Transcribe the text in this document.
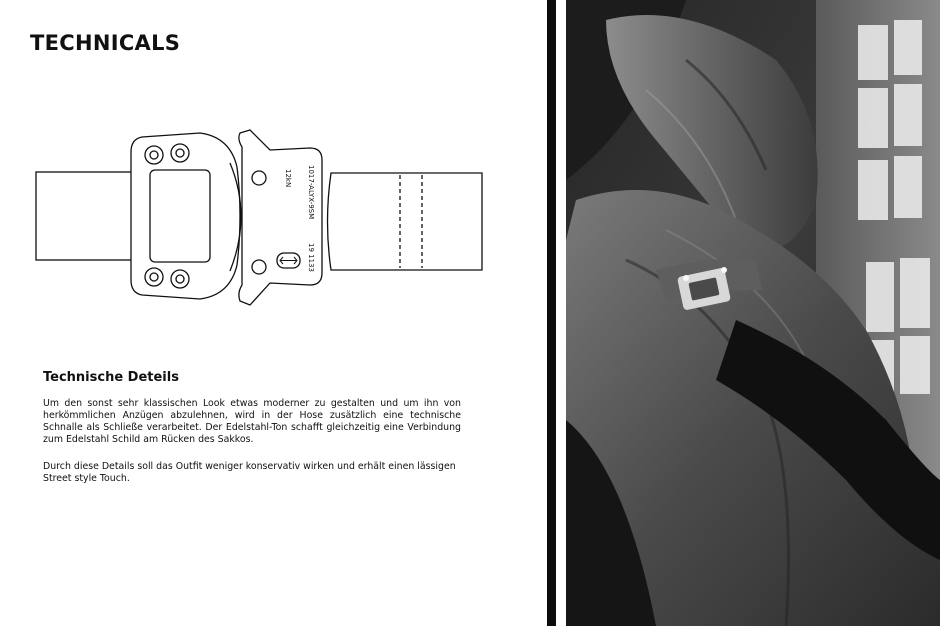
TECHNICALS
12kN 1017-ALYX-9SM
19 1133
Technische Deteils

Um den sonst sehr klassischen Look etwas moderner zu gestalten und um ihn von herkömmlichen Anzügen abzulehnen, wird in der Hose zusätzlich eine technische Schnalle als Schließe verarbeitet. Der Edelstahl-Ton schafft gleichzeitig eine Verbindung zum Edelstahl Schild am Rücken des Sakkos.

Durch diese Details soll das Outfit weniger konservativ wirken und erhält einen lässigen Street style Touch.
